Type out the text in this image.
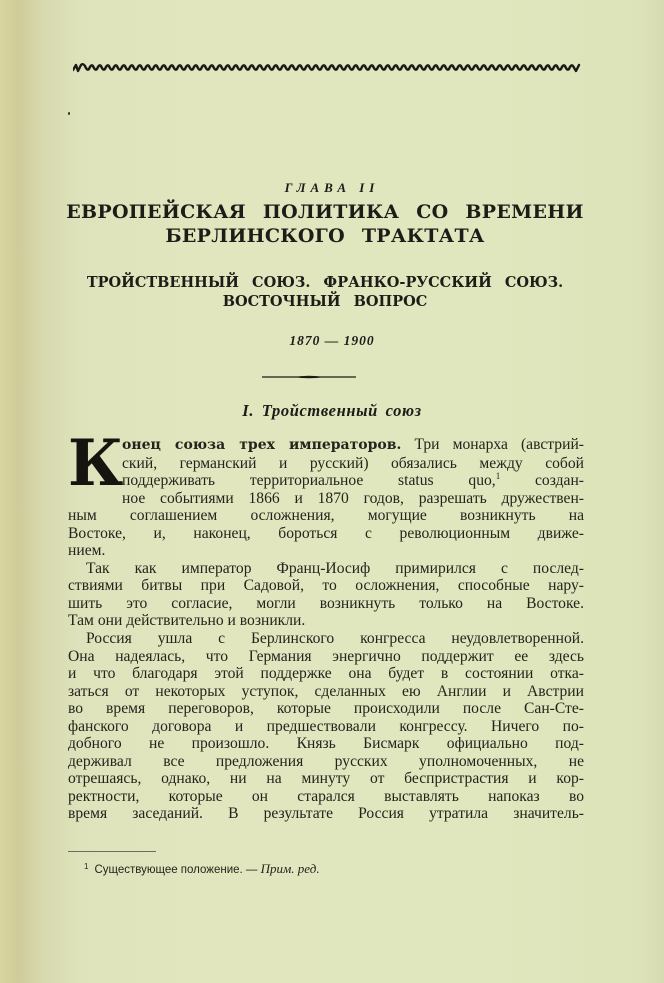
ГЛАВА II
ЕВРОПЕЙСКАЯ ПОЛИТИКА СО ВРЕМЕНИ
БЕРЛИНСКОГО ТРАКТАТА
ТРОЙСТВЕННЫЙ СОЮЗ. ФРАНКО-РУССКИЙ СОЮЗ.
ВОСТОЧНЫЙ ВОПРОС
1870 — 1900
I. Тройственный союз
К онец союза трех императоров. Три монарха (австрий-
ский, германский и русский) обязались между собой
поддерживать территориальное status quo,$^1$ создан-
ное событиями 1866 и 1870 годов, разрешать дружествен-
ным соглашением осложнения, могущие возникнуть на
Востоке, и, наконец, бороться с революционным движе-
нием.
Так как император Франц-Иосиф примирился с послед-
ствиями битвы при Садовой, то осложнения, способные нару-
шить это согласие, могли возникнуть только на Востоке.
Там они действительно и возникли.
Россия ушла с Берлинского конгресса неудовлетворенной.
Она надеялась, что Германия энергично поддержит ее здесь
и что благодаря этой поддержке она будет в состоянии отка-
заться от некоторых уступок, сделанных ею Англии и Австрии
во время переговоров, которые происходили после Сан-Сте-
фанского договора и предшествовали конгрессу. Ничего по-
добного не произошло. Князь Бисмарк официально под-
держивал все предложения русских уполномоченных, не
отрешаясь, однако, ни на минуту от беспристрастия и кор-
ректности, которые он старался выставлять напоказ во
время заседаний. В результате Россия утратила значитель-
$^1$ Существующее положение. — Прим. ред.
